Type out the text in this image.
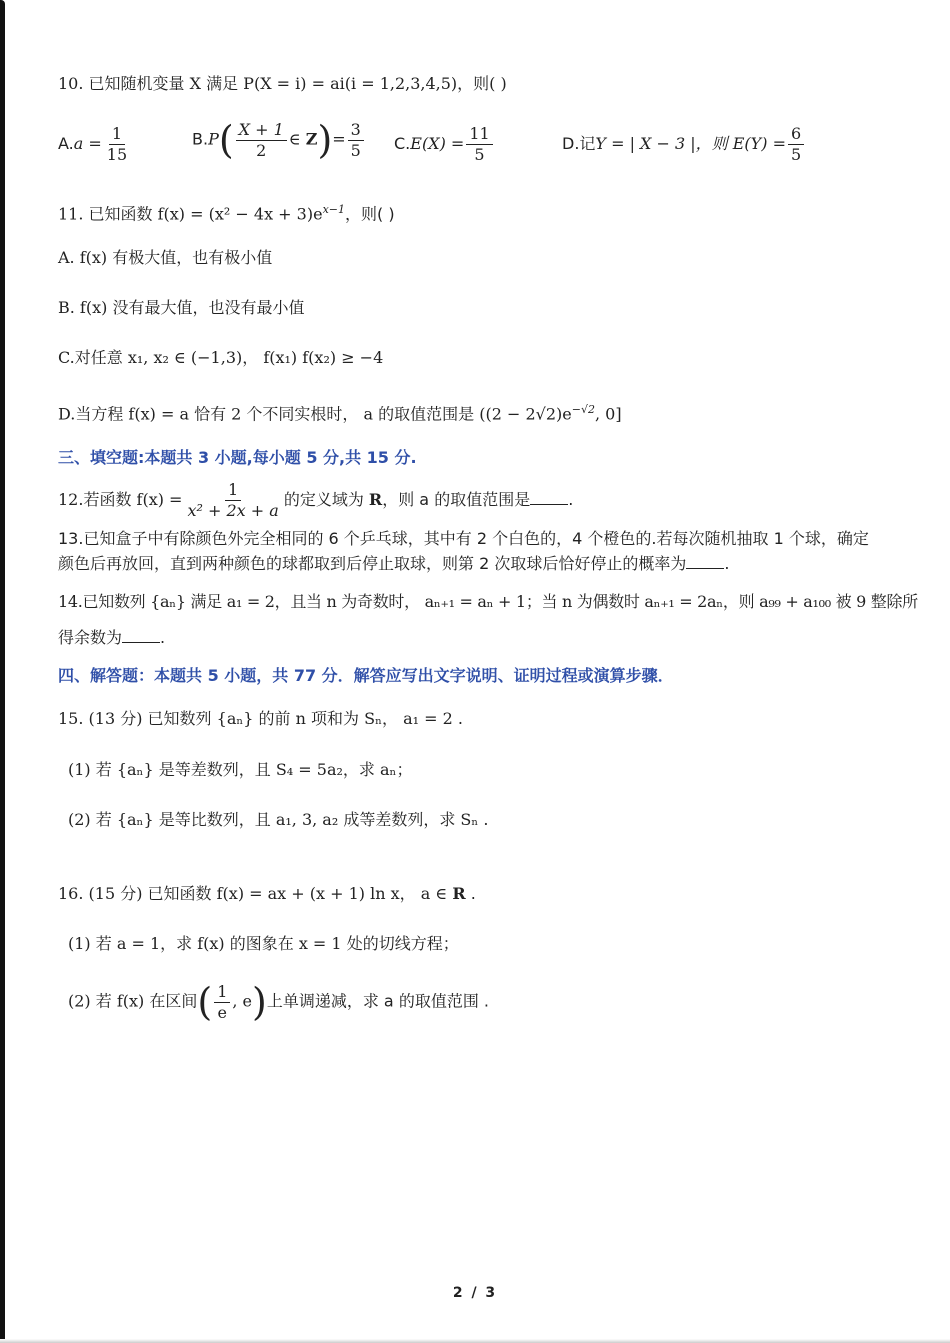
10. 已知随机变量 X 满足 P(X = i) = ai(i = 1,2,3,4,5)，则( )
$A.a = \frac{1}{15}$	$B.P( \frac{X + 1}{2}$ ∈ $Z)= \frac{3}{5} C.E(X) = \frac{11}{5}$	D.记Y = | X − 3 |，则 $E(Y) = \frac{6}{5}$
11. 已知函数 $f(x) = (x^2 - 4x + 3)e^{x-1}$，则( )
A. f(x) 有极大值，也有极小值
B. f(x) 没有最大值，也没有最小值
C.对任意 x₁, x₂ ∈ (−1,3)， f(x₁) f(x₂) ≥ −4
D.当方程 f(x) = a 恰有 2 个不同实根时， a 的取值范围是 ($(2 - 2√2)e^{-√2}$, 0]
三、填空题:本题共 3 小题,每小题 5 分,共 15 分.
12.若函数 $f(x) = \frac{1}{\text{x² + 2x + a}}$ 的定义域为 R，则 a 的取值范围是 .
13.已知盒子中有除颜色外完全相同的 6 个乒乓球，其中有 2 个白色的，4 个橙色的.若每次随机抽取 1 个球，确定
颜色后再放回，直到两种颜色的球都取到后停止取球，则第 2 次取球后恰好停止的概率为 .
14.已知数列 {aₙ} 满足 a₁ = 2，且当 n 为奇数时， aₙ₊₁ = aₙ + 1；当 n 为偶数时 aₙ₊₁ = 2aₙ，则 a₉₉ + a₁₀₀ 被 9 整除所
得余数为 .
四、解答题：本题共 5 小题，共 77 分．解答应写出文字说明、证明过程或演算步骤．
15. (13 分) 已知数列 {aₙ} 的前 n 项和为 Sₙ， a₁ = 2 .
(1) 若 {aₙ} 是等差数列，且 S₄ = 5a₂，求 aₙ；
(2) 若 {aₙ} 是等比数列，且 a₁, 3, a₂ 成等差数列，求 Sₙ .
16. (15 分) 已知函数 f(x) = ax + (x + 1) ln x， a ∈ R .
(1) 若 a = 1，求 f(x) 的图象在 x = 1 处的切线方程；
(2) 若 f(x) 在区间( $\frac{1}{e}$ , e)上单调递减，求 a 的取值范围 .
2 / 3
